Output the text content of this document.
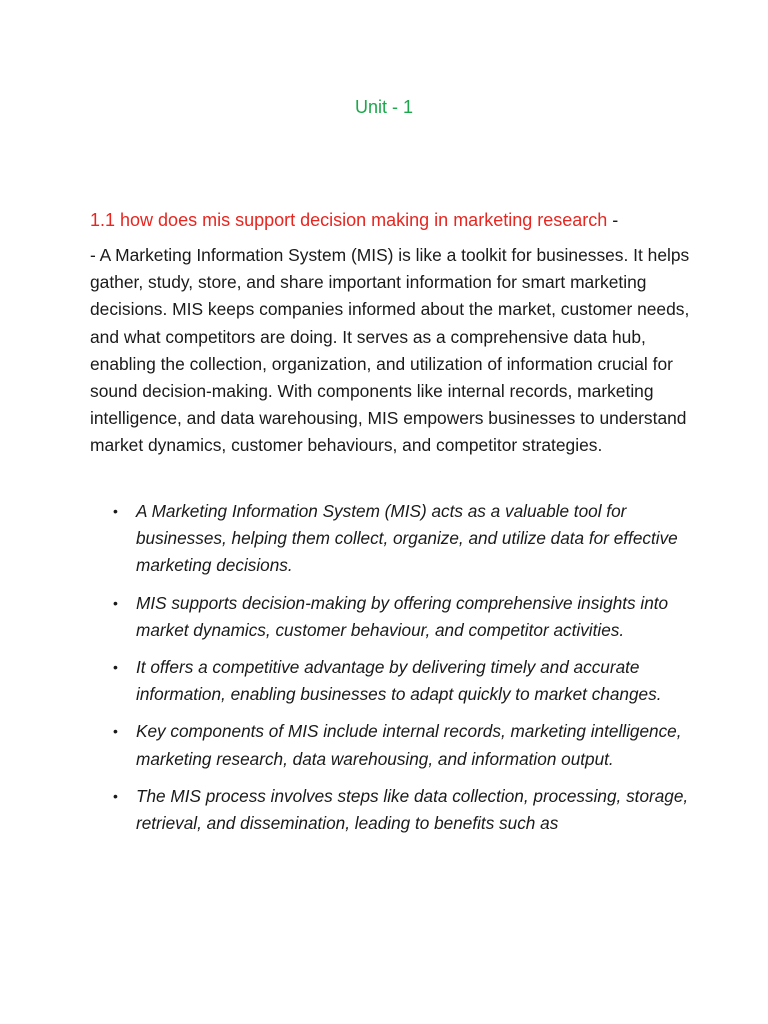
Unit - 1
1.1 how does mis support decision making in marketing research -
- A Marketing Information System (MIS) is like a toolkit for businesses. It helps gather, study, store, and share important information for smart marketing decisions. MIS keeps companies informed about the market, customer needs, and what competitors are doing. It serves as a comprehensive data hub, enabling the collection, organization, and utilization of information crucial for sound decision-making. With components like internal records, marketing intelligence, and data warehousing, MIS empowers businesses to understand market dynamics, customer behaviours, and competitor strategies.
• A Marketing Information System (MIS) acts as a valuable tool for businesses, helping them collect, organize, and utilize data for effective marketing decisions.
• MIS supports decision-making by offering comprehensive insights into market dynamics, customer behaviour, and competitor activities.
• It offers a competitive advantage by delivering timely and accurate information, enabling businesses to adapt quickly to market changes.
• Key components of MIS include internal records, marketing intelligence, marketing research, data warehousing, and information output.
• The MIS process involves steps like data collection, processing, storage, retrieval, and dissemination, leading to benefits such as
